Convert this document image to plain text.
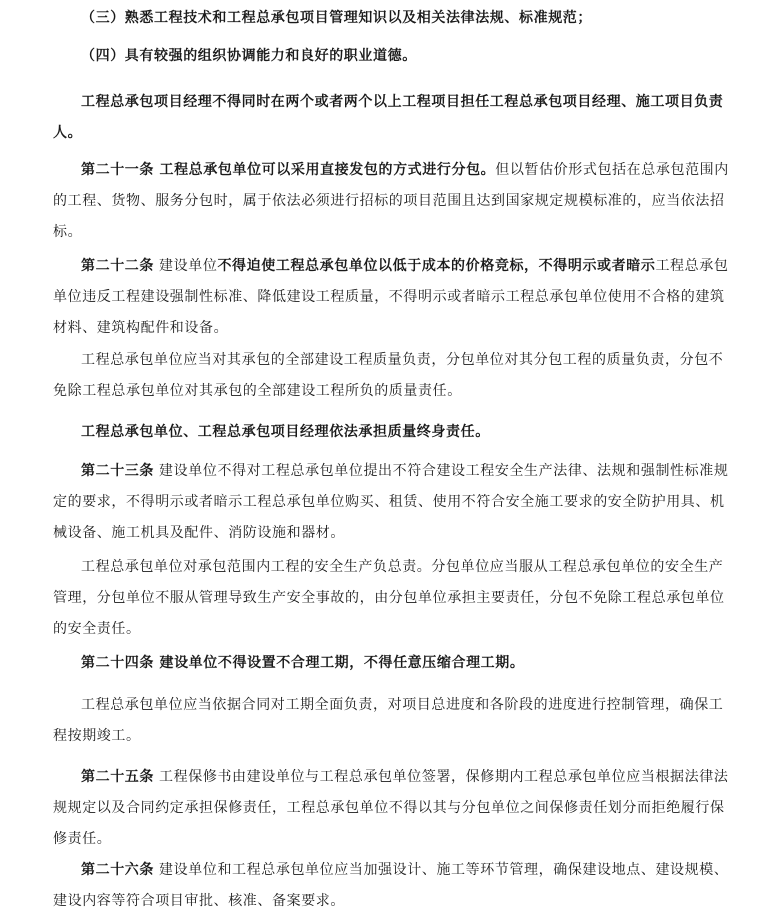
（三）熟悉工程技术和工程总承包项目管理知识以及相关法律法规、标准规范；

（四）具有较强的组织协调能力和良好的职业道德。

工程总承包项目经理不得同时在两个或者两个以上工程项目担任工程总承包项目经理、施工项目负责人。

第二十一条 工程总承包单位可以采用直接发包的方式进行分包。但以暂估价形式包括在总承包范围内的工程、货物、服务分包时，属于依法必须进行招标的项目范围且达到国家规定规模标准的，应当依法招标。

第二十二条 建设单位不得迫使工程总承包单位以低于成本的价格竞标，不得明示或者暗示工程总承包单位违反工程建设强制性标准、降低建设工程质量，不得明示或者暗示工程总承包单位使用不合格的建筑材料、建筑构配件和设备。

工程总承包单位应当对其承包的全部建设工程质量负责，分包单位对其分包工程的质量负责，分包不免除工程总承包单位对其承包的全部建设工程所负的质量责任。

工程总承包单位、工程总承包项目经理依法承担质量终身责任。

第二十三条 建设单位不得对工程总承包单位提出不符合建设工程安全生产法律、法规和强制性标准规定的要求，不得明示或者暗示工程总承包单位购买、租赁、使用不符合安全施工要求的安全防护用具、机械设备、施工机具及配件、消防设施和器材。

工程总承包单位对承包范围内工程的安全生产负总责。分包单位应当服从工程总承包单位的安全生产管理，分包单位不服从管理导致生产安全事故的，由分包单位承担主要责任，分包不免除工程总承包单位的安全责任。

第二十四条 建设单位不得设置不合理工期，不得任意压缩合理工期。

工程总承包单位应当依据合同对工期全面负责，对项目总进度和各阶段的进度进行控制管理，确保工程按期竣工。

第二十五条 工程保修书由建设单位与工程总承包单位签署，保修期内工程总承包单位应当根据法律法规规定以及合同约定承担保修责任，工程总承包单位不得以其与分包单位之间保修责任划分而拒绝履行保修责任。

第二十六条 建设单位和工程总承包单位应当加强设计、施工等环节管理，确保建设地点、建设规模、建设内容等符合项目审批、核准、备案要求。
